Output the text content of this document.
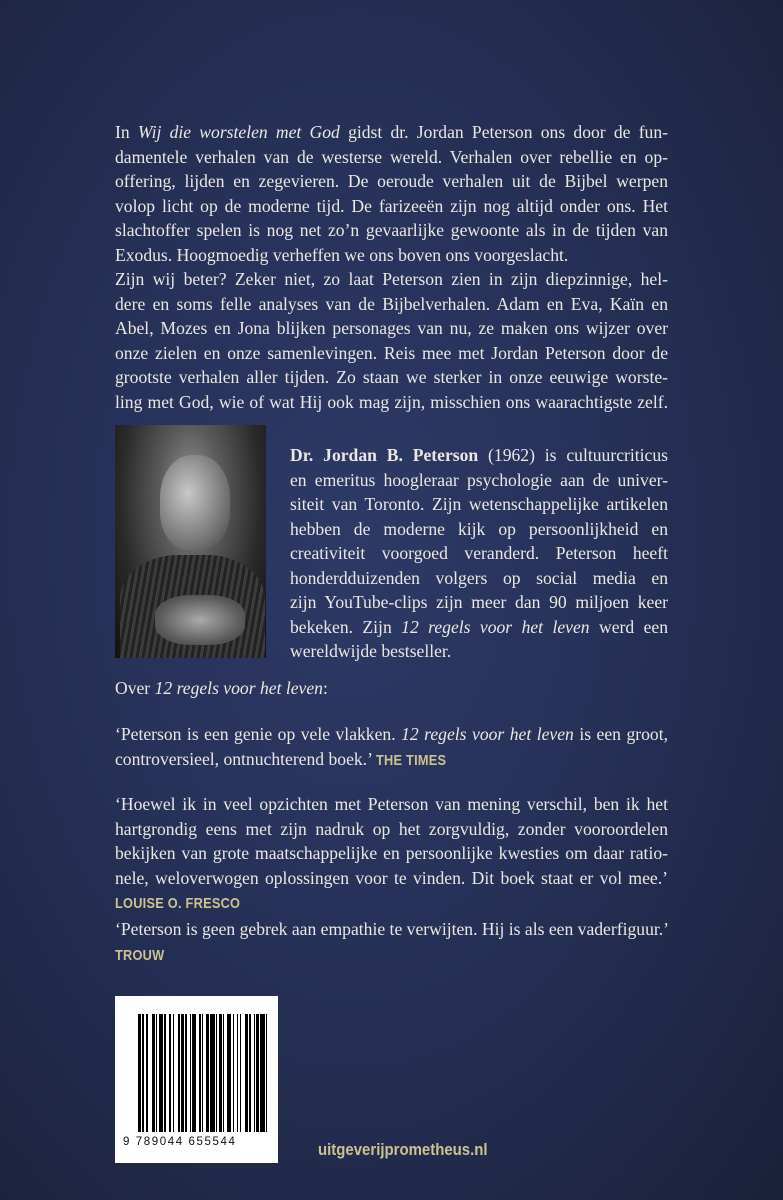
In Wij die worstelen met God gidst dr. Jordan Peterson ons door de fun-
damentele verhalen van de westerse wereld. Verhalen over rebellie en op-
offering, lijden en zegevieren. De oeroude verhalen uit de Bijbel werpen
volop licht op de moderne tijd. De farizeeën zijn nog altijd onder ons. Het
slachtoffer spelen is nog net zo’n gevaarlijke gewoonte als in de tijden van
Exodus. Hoogmoedig verheffen we ons boven ons voorgeslacht.
Zijn wij beter? Zeker niet, zo laat Peterson zien in zijn diepzinnige, hel-
dere en soms felle analyses van de Bijbelverhalen. Adam en Eva, Kaïn en
Abel, Mozes en Jona blijken personages van nu, ze maken ons wijzer over
onze zielen en onze samenlevingen. Reis mee met Jordan Peterson door de
grootste verhalen aller tijden. Zo staan we sterker in onze eeuwige worste-
ling met God, wie of wat Hij ook mag zijn, misschien ons waarachtigste zelf.
Dr. Jordan B. Peterson (1962) is cultuurcriticus
en emeritus hoogleraar psychologie aan de univer-
siteit van Toronto. Zijn wetenschappelijke artikelen
hebben de moderne kijk op persoonlijkheid en
creativiteit voorgoed veranderd. Peterson heeft
honderdduizenden volgers op social media en
zijn YouTube-clips zijn meer dan 90 miljoen keer
bekeken. Zijn 12 regels voor het leven werd een
wereldwijde bestseller.
Over 12 regels voor het leven:
‘Peterson is een genie op vele vlakken. 12 regels voor het leven is een groot,
controversieel, ontnuchterend boek.’ THE TIMES
‘Hoewel ik in veel opzichten met Peterson van mening verschil, ben ik het
hartgrondig eens met zijn nadruk op het zorgvuldig, zonder vooroordelen
bekijken van grote maatschappelijke en persoonlijke kwesties om daar ratio-
nele, weloverwogen oplossingen voor te vinden. Dit boek staat er vol mee.’
LOUISE O. FRESCO
‘Peterson is geen gebrek aan empathie te verwijten. Hij is als een vaderfiguur.’
TROUW
9 789044 655544	uitgeverijprometheus.nl
